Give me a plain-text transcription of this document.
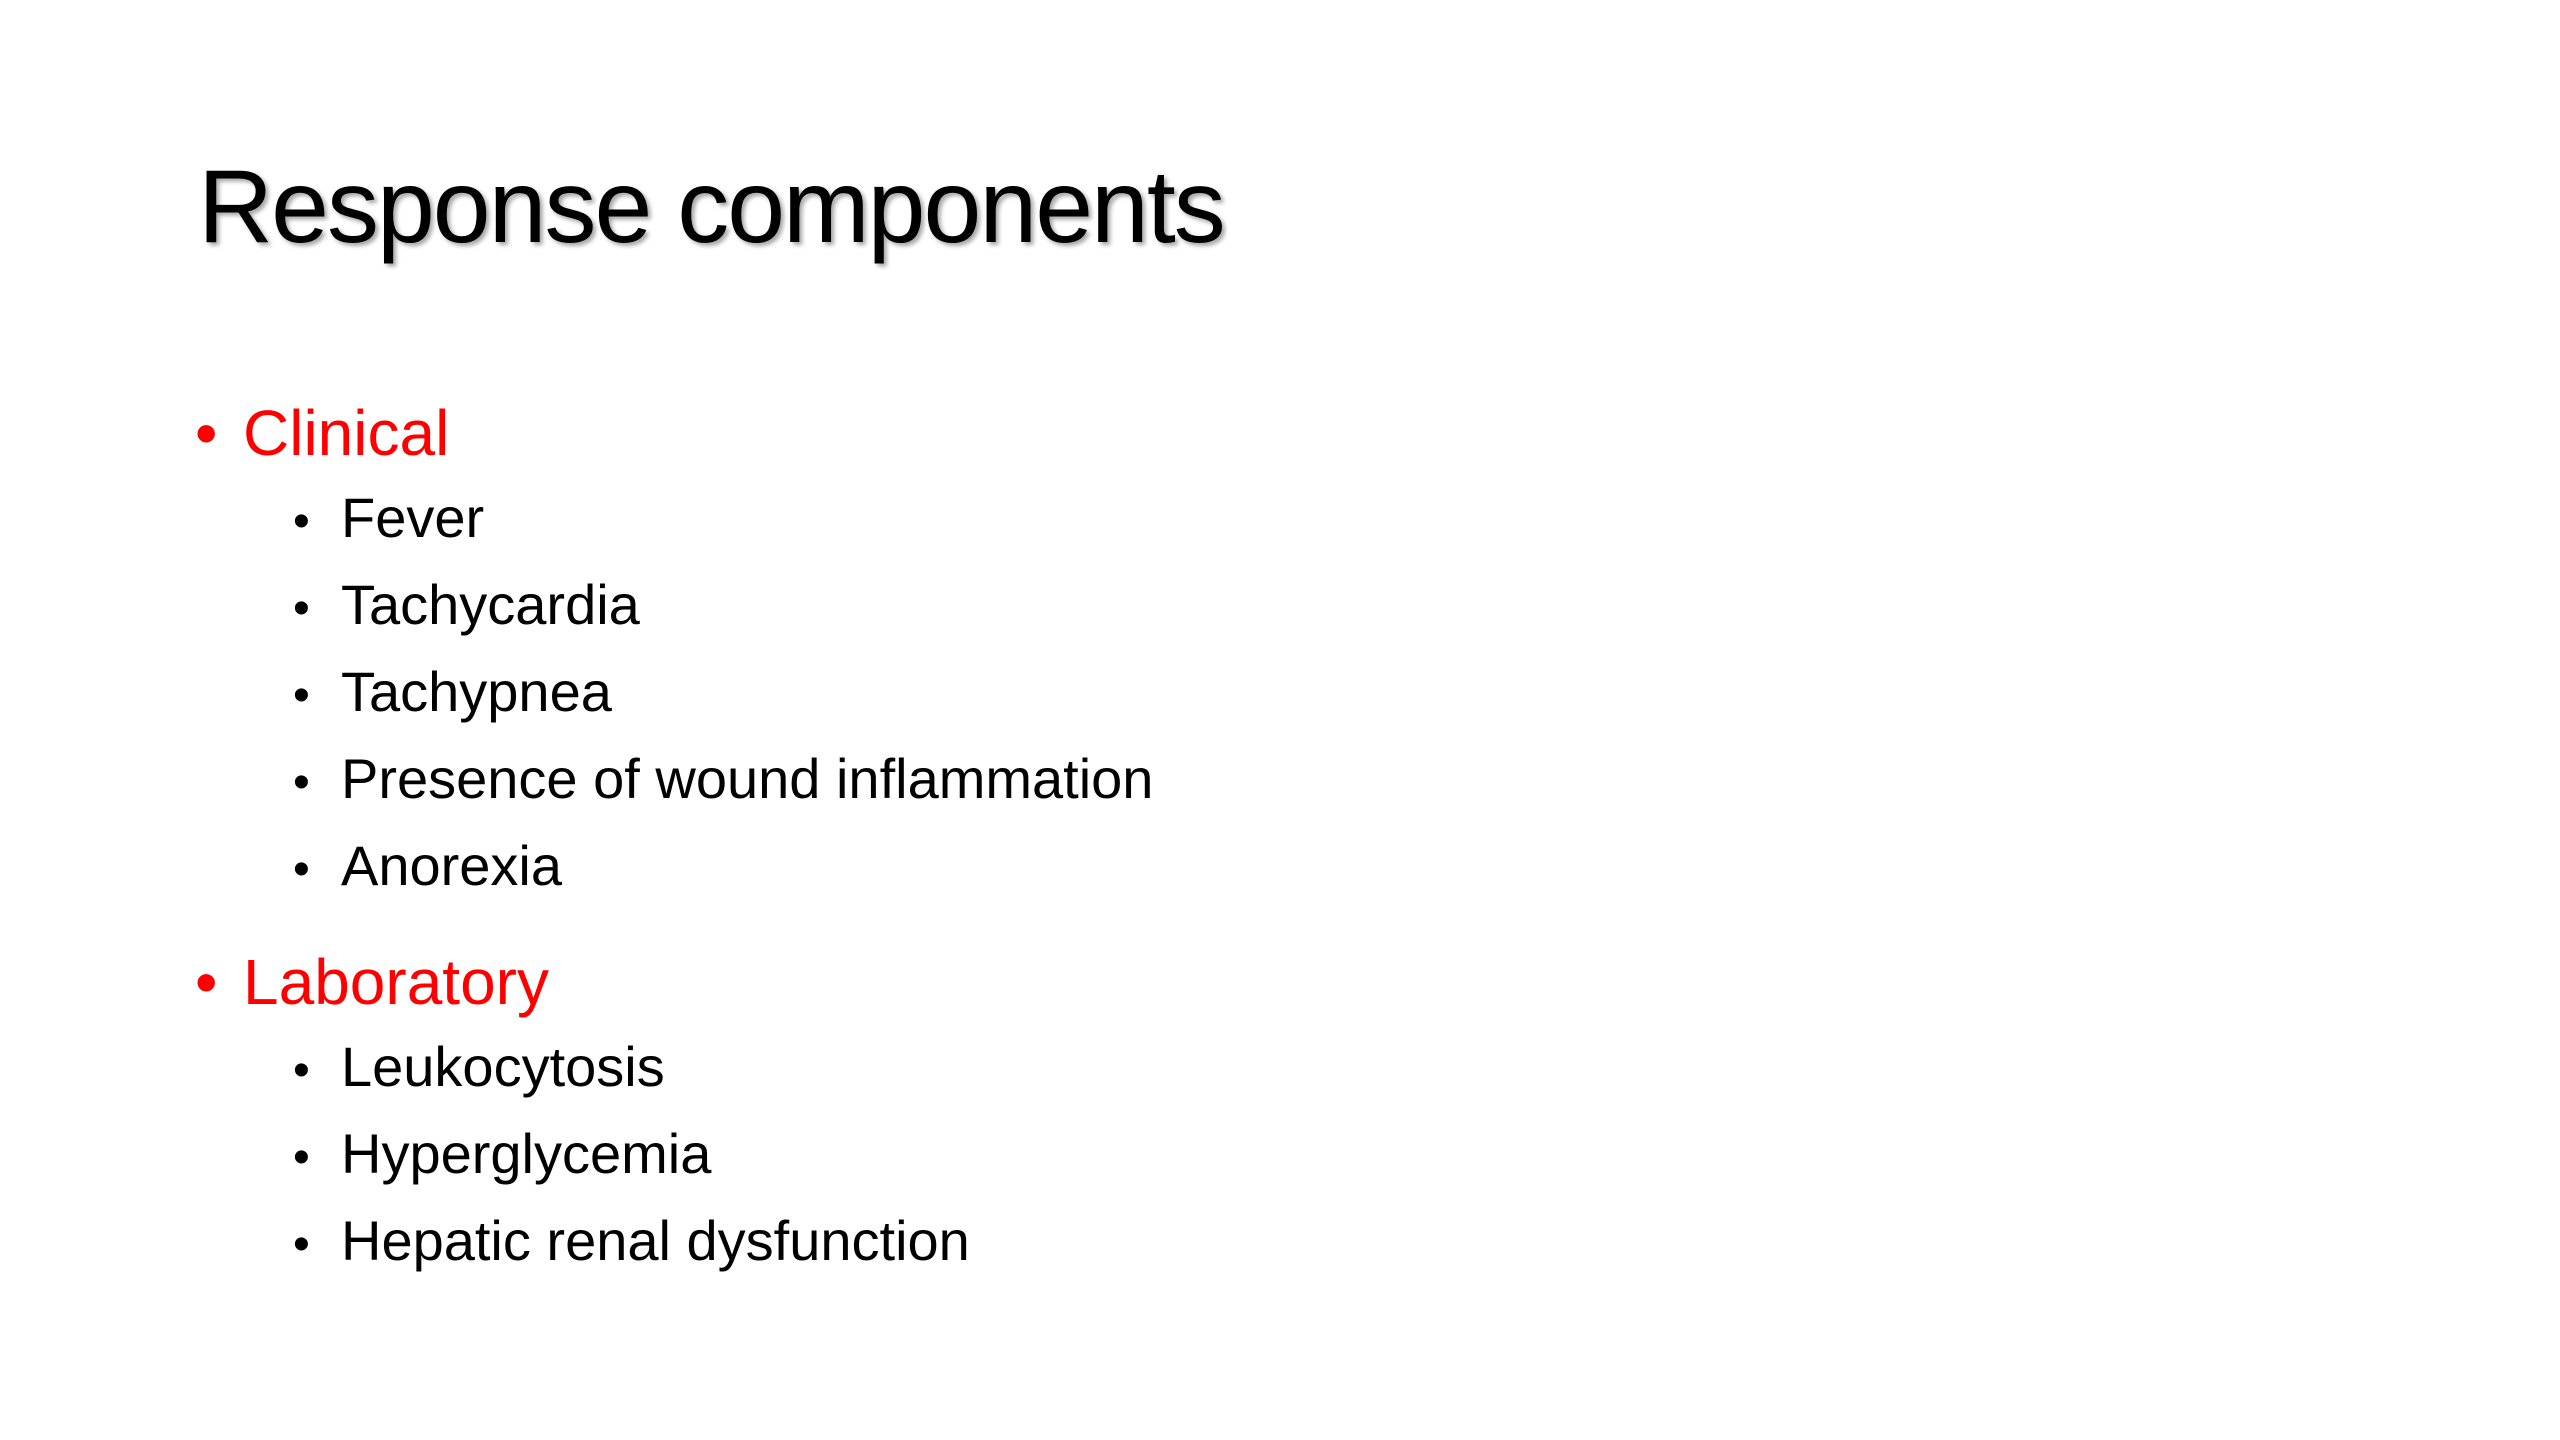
Response components
• Clinical
• Fever
• Tachycardia
• Tachypnea
• Presence of wound inflammation
• Anorexia
• Laboratory
• Leukocytosis
• Hyperglycemia
• Hepatic renal dysfunction
